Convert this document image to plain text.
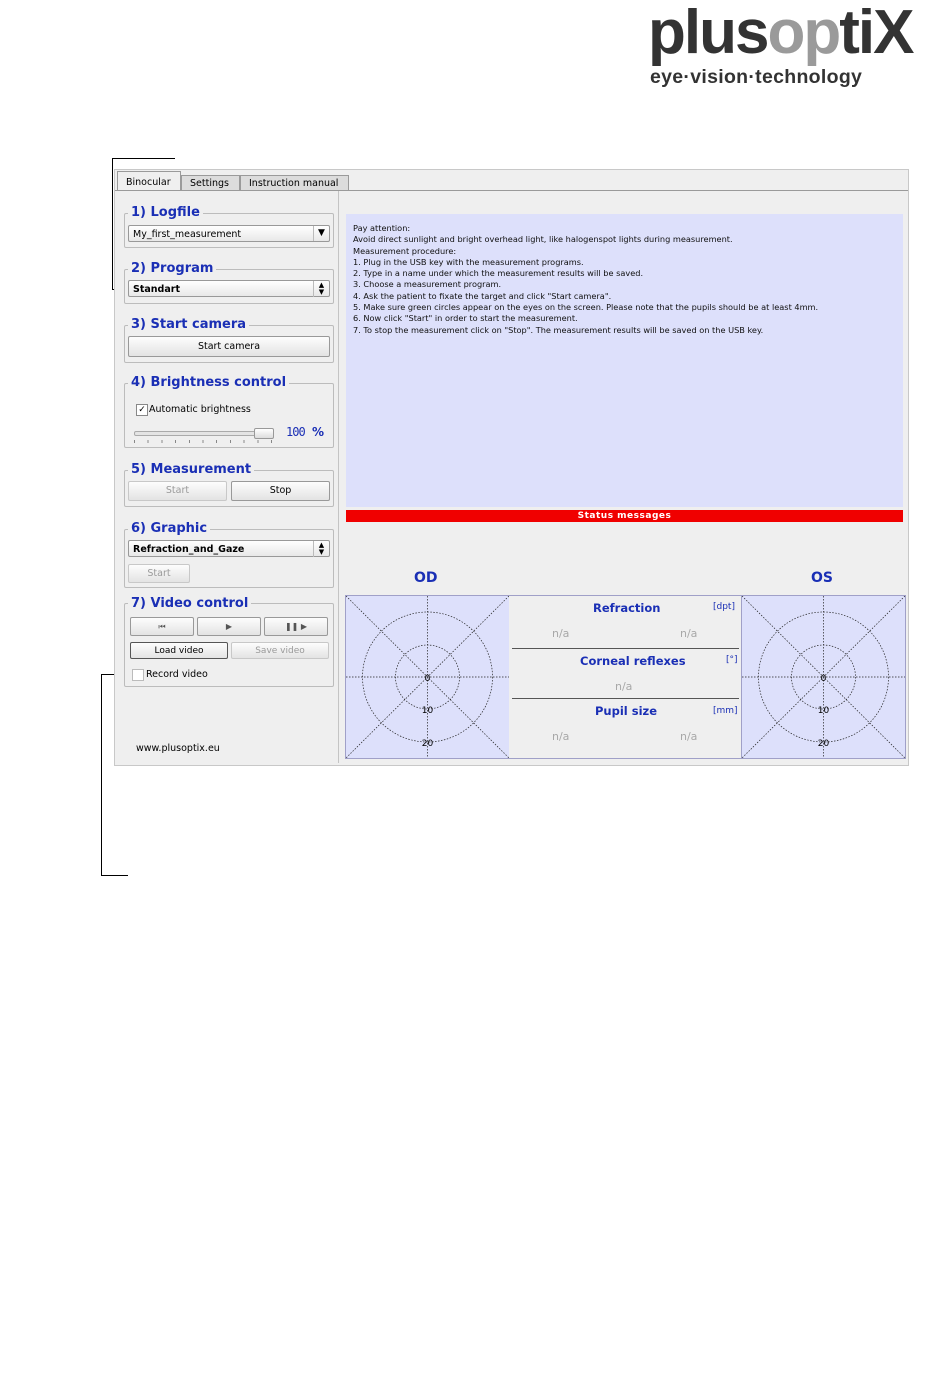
plusoptiX
eye·vision·technology
Binocular	Settings	Instruction manual
1) Logfile
My_first_measurement	▼
2) Program
Standart	▲
▼
3) Start camera
Start camera
4) Brightness control
✓ Automatic brightness
100 %
5) Measurement
Start	Stop
6) Graphic
Refraction_and_Gaze	▲
▼
Start
7) Video control
⏮	▶	❚❚ ▶
Load video	Save video
Record video
www.plusoptix.eu
Pay attention:
Avoid direct sunlight and bright overhead light, like halogenspot lights during measurement.
Measurement procedure:
1. Plug in the USB key with the measurement programs.
2. Type in a name under which the measurement results will be saved.
3. Choose a measurement program.
4. Ask the patient to fixate the target and click "Start camera".
5. Make sure green circles appear on the eyes on the screen. Please note that the pupils should be at least 4mm.
6. Now click "Start" in order to start the measurement.
7. To stop the measurement click on "Stop". The measurement results will be saved on the USB key.
Status messages
OD	OS
0
10
20
Refraction	[dpt]
n/a	n/a
Corneal reflexes	[°]
n/a
Pupil size	[mm]
n/a	n/a
0
10
20
